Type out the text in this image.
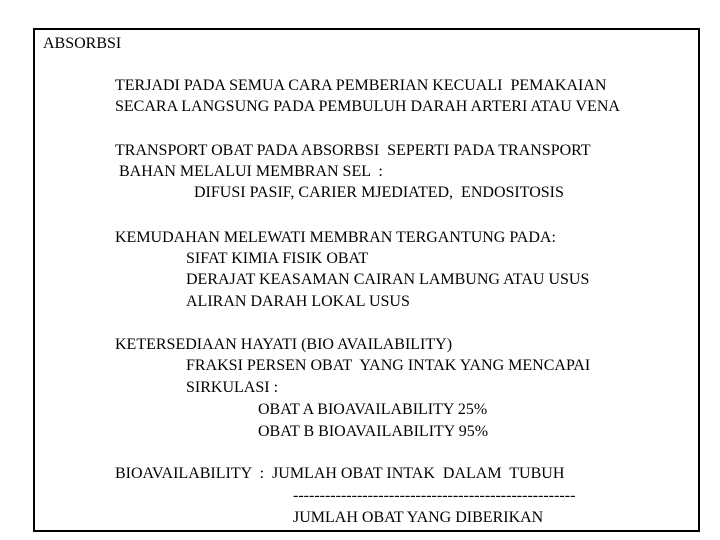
ABSORBSI
TERJADI PADA SEMUA CARA PEMBERIAN KECUALI  PEMAKAIAN
SECARA LANGSUNG PADA PEMBULUH DARAH ARTERI ATAU VENA
TRANSPORT OBAT PADA ABSORBSI  SEPERTI PADA TRANSPORT
BAHAN MELALUI MEMBRAN SEL  :
DIFUSI PASIF, CARIER MJEDIATED,  ENDOSITOSIS
KEMUDAHAN MELEWATI MEMBRAN TERGANTUNG PADA:
SIFAT KIMIA FISIK OBAT
DERAJAT KEASAMAN CAIRAN LAMBUNG ATAU USUS
ALIRAN DARAH LOKAL USUS
KETERSEDIAAN HAYATI (BIO AVAILABILITY)
FRAKSI PERSEN OBAT  YANG INTAK YANG MENCAPAI
SIRKULASI :
OBAT A BIOAVAILABILITY 25%
OBAT B BIOAVAILABILITY 95%
BIOAVAILABILITY  :  JUMLAH OBAT INTAK  DALAM  TUBUH
-----------------------------------------------------
JUMLAH OBAT YANG DIBERIKAN
